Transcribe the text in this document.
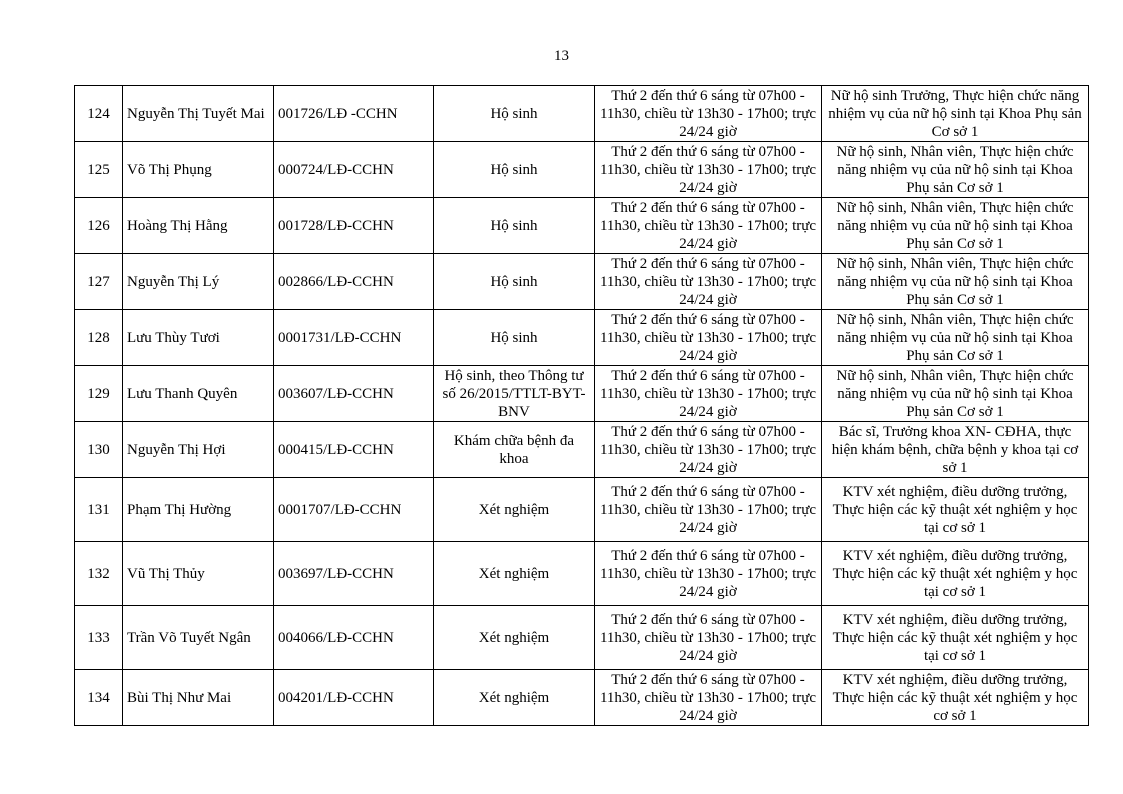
13
124	Nguyễn Thị Tuyết Mai	001726/LĐ -CCHN	Hộ sinh	Thứ 2 đến thứ 6 sáng từ 07h00 - 11h30, chiều từ 13h30 - 17h00; trực 24/24 giờ	Nữ hộ sinh Trưởng, Thực hiện chức năng nhiệm vụ của nữ hộ sinh tại Khoa Phụ sản Cơ sở 1
125	Võ Thị Phụng	000724/LĐ-CCHN	Hộ sinh	Thứ 2 đến thứ 6 sáng từ 07h00 - 11h30, chiều từ 13h30 - 17h00; trực 24/24 giờ	Nữ hộ sinh, Nhân viên, Thực hiện chức năng nhiệm vụ của nữ hộ sinh tại Khoa Phụ sản Cơ sở 1
126	Hoàng Thị Hằng	001728/LĐ-CCHN	Hộ sinh	Thứ 2 đến thứ 6 sáng từ 07h00 - 11h30, chiều từ 13h30 - 17h00; trực 24/24 giờ	Nữ hộ sinh, Nhân viên, Thực hiện chức năng nhiệm vụ của nữ hộ sinh tại Khoa Phụ sản Cơ sở 1
127	Nguyễn Thị Lý	002866/LĐ-CCHN	Hộ sinh	Thứ 2 đến thứ 6 sáng từ 07h00 - 11h30, chiều từ 13h30 - 17h00; trực 24/24 giờ	Nữ hộ sinh, Nhân viên, Thực hiện chức năng nhiệm vụ của nữ hộ sinh tại Khoa Phụ sản Cơ sở 1
128	Lưu Thùy Tươi	0001731/LĐ-CCHN	Hộ sinh	Thứ 2 đến thứ 6 sáng từ 07h00 - 11h30, chiều từ 13h30 - 17h00; trực 24/24 giờ	Nữ hộ sinh, Nhân viên, Thực hiện chức năng nhiệm vụ của nữ hộ sinh tại Khoa Phụ sản Cơ sở 1
129	Lưu Thanh Quyên	003607/LĐ-CCHN	Hộ sinh, theo Thông tư số 26/2015/TTLT-BYT-BNV	Thứ 2 đến thứ 6 sáng từ 07h00 - 11h30, chiều từ 13h30 - 17h00; trực 24/24 giờ	Nữ hộ sinh, Nhân viên, Thực hiện chức năng nhiệm vụ của nữ hộ sinh tại Khoa Phụ sản Cơ sở 1
130	Nguyễn Thị Hợi	000415/LĐ-CCHN	Khám chữa bệnh đa khoa	Thứ 2 đến thứ 6 sáng từ 07h00 - 11h30, chiều từ 13h30 - 17h00; trực 24/24 giờ	Bác sĩ, Trưởng khoa XN- CĐHA, thực hiện khám bệnh, chữa bệnh y khoa tại cơ sở 1
131	Phạm Thị Hường	0001707/LĐ-CCHN	Xét nghiệm	Thứ 2 đến thứ 6 sáng từ 07h00 - 11h30, chiều từ 13h30 - 17h00; trực 24/24 giờ	KTV xét nghiệm, điều dưỡng trưởng, Thực hiện các kỹ thuật xét nghiệm y học tại cơ sở 1
132	Vũ Thị Thủy	003697/LĐ-CCHN	Xét nghiệm	Thứ 2 đến thứ 6 sáng từ 07h00 - 11h30, chiều từ 13h30 - 17h00; trực 24/24 giờ	KTV xét nghiệm, điều dưỡng trưởng, Thực hiện các kỹ thuật xét nghiệm y học tại cơ sở 1
133	Trần Võ Tuyết Ngân	004066/LĐ-CCHN	Xét nghiệm	Thứ 2 đến thứ 6 sáng từ 07h00 - 11h30, chiều từ 13h30 - 17h00; trực 24/24 giờ	KTV xét nghiệm, điều dưỡng trưởng, Thực hiện các kỹ thuật xét nghiệm y học tại cơ sở 1
134	Bùi Thị Như Mai	004201/LĐ-CCHN	Xét nghiệm	Thứ 2 đến thứ 6 sáng từ 07h00 - 11h30, chiều từ 13h30 - 17h00; trực 24/24 giờ	KTV xét nghiệm, điều dưỡng trưởng, Thực hiện các kỹ thuật xét nghiệm y học cơ sở 1
